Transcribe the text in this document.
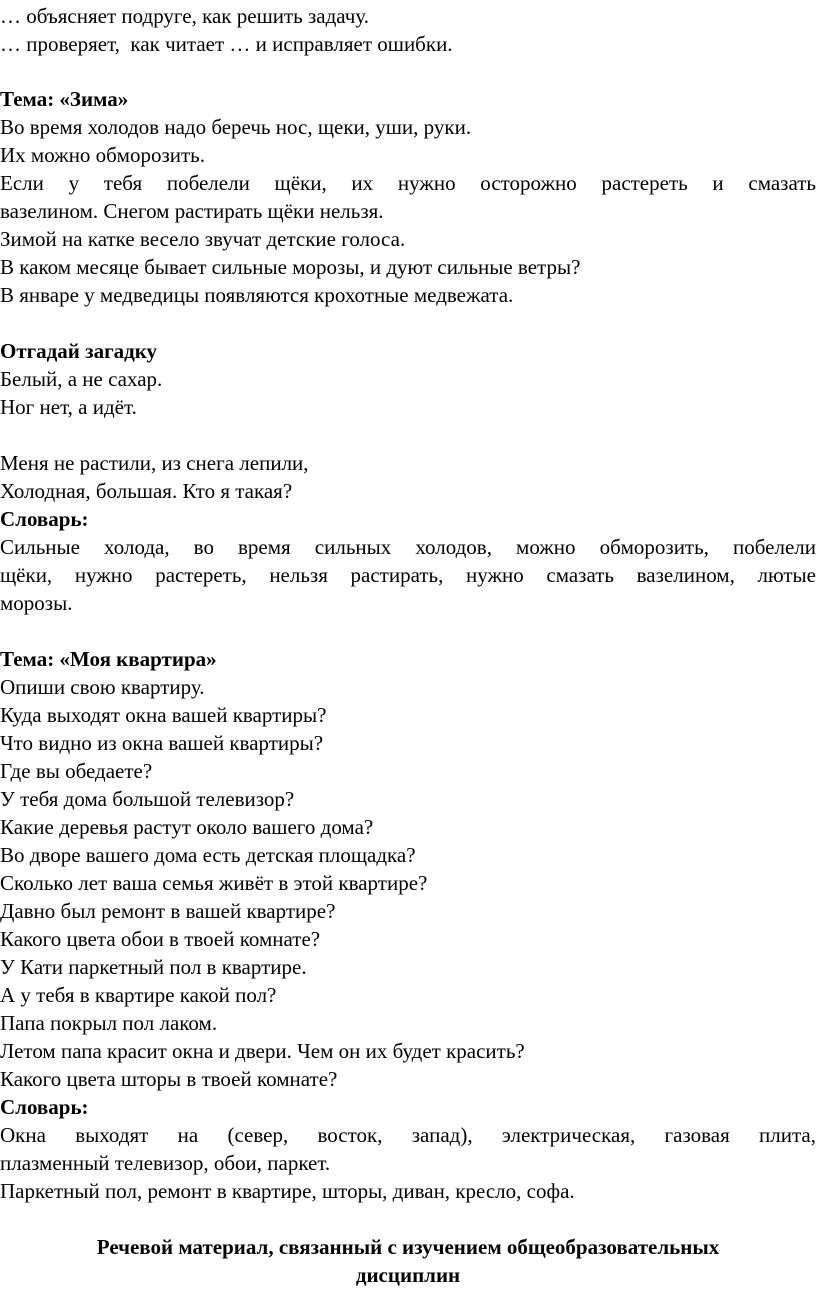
… объясняет подруге, как решить задачу.

… проверяет,  как читает … и исправляет ошибки.

Тема: «Зима»

Во время холодов надо беречь нос, щеки, уши, руки.

Их можно обморозить.

Если у тебя побелели щёки, их нужно осторожно растереть и смазать

вазелином. Снегом растирать щёки нельзя.

Зимой на катке весело звучат детские голоса.

В каком месяце бывает сильные морозы, и дуют сильные ветры?

В январе у медведицы появляются крохотные медвежата.

Отгадай загадку

Белый, а не сахар.

Ног нет, а идёт.

Меня не растили, из снега лепили,

Холодная, большая. Кто я такая?

Словарь:

Сильные холода, во время сильных холодов, можно обморозить, побелели

щёки, нужно растереть, нельзя растирать, нужно смазать вазелином, лютые

морозы.

Тема: «Моя квартира»

Опиши свою квартиру.

Куда выходят окна вашей квартиры?

Что видно из окна вашей квартиры?

Где вы обедаете?

У тебя дома большой телевизор?

Какие деревья растут около вашего дома?

Во дворе вашего дома есть детская площадка?

Сколько лет ваша семья живёт в этой квартире?

Давно был ремонт в вашей квартире?

Какого цвета обои в твоей комнате?

У Кати паркетный пол в квартире.

А у тебя в квартире какой пол?

Папа покрыл пол лаком.

Летом папа красит окна и двери. Чем он их будет красить?

Какого цвета шторы в твоей комнате?

Словарь:

Окна выходят на (север, восток, запад), электрическая, газовая плита,

плазменный телевизор, обои, паркет.

Паркетный пол, ремонт в квартире, шторы, диван, кресло, софа.

Речевой материал, связанный с изучением общеобразовательных

дисциплин
